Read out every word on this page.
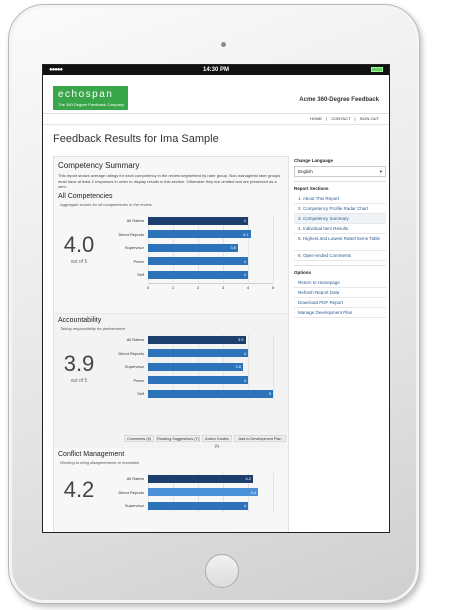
●●●●●	14:30 PM
echospan
The 360-Degree Feedback Company
Acme 360-Degree Feedback
HOME | CONTACT | SIGN OUT
Feedback Results for Ima Sample
Competency Summary
This report shows average ratings for each competency in the review segmented by rater group. Non-managerial rater groups must have at least 2 responses in order to display results in this section. Otherwise they are omitted and are presented as a zero.
All Competencies
Aggregate scores for all competencies in the review.
4.0
out of 5
All Raters	4
Direct Reports	4.1
Supervisor	3.6
Peers	4
Self	4
0	1	2	3	4	5
Accountability
Taking responsibility for performance
Comments (5)	Reading Suggestions (7)	Action Guides (1)
Add to Development Plan
3.9
out of 5
All Raters	3.9
Direct Reports	4
Supervisor	3.8
Peers	4
Self	5
Conflict Management
Working to bring disagreements to resolution
4.2	All Raters	4.2
Direct Reports	4.4
Supervisor	4
Change Language
English	▾
Report Sections
1. About This Report
2. Competency Profile Radar Chart
3. Competency Summary
4. Individual Item Results
5. Highest and Lowest Rated Items Table
6. Open-ended Comments
Options
Return to Homepage
Refresh Report Data
Download PDF Report
Manage Development Plan
